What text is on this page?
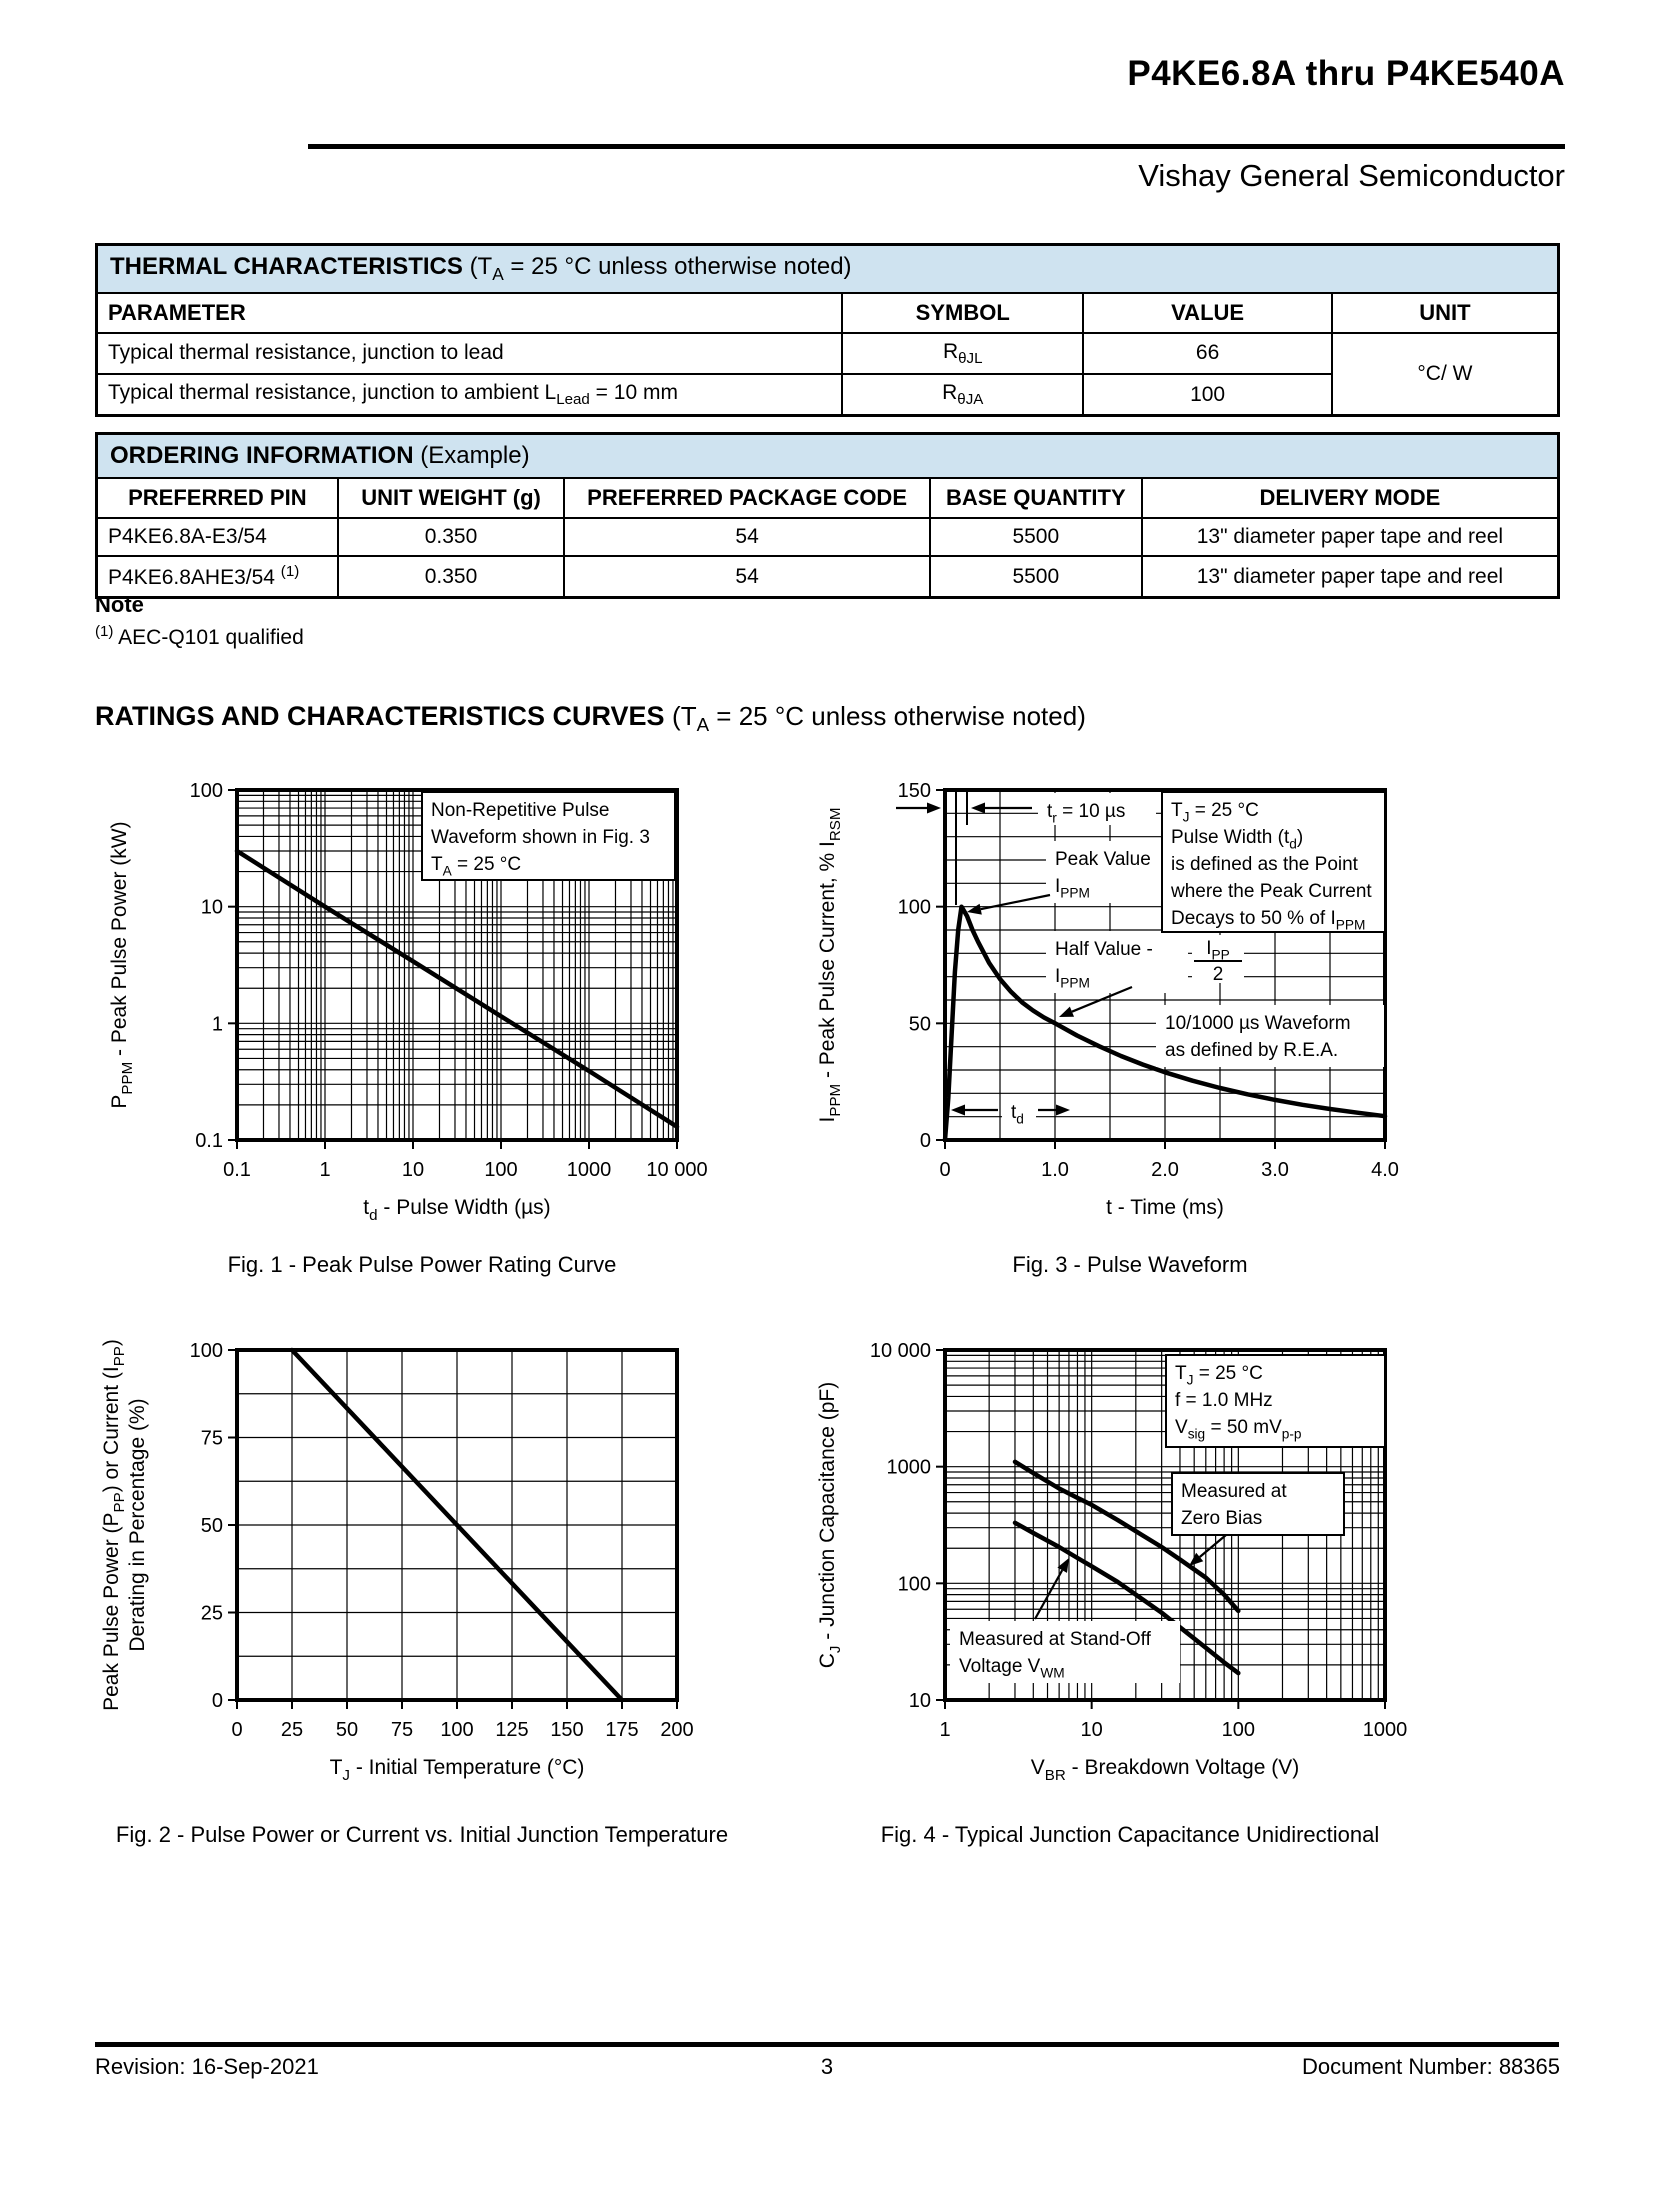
P4KE6.8A thru P4KE540A
Vishay General Semiconductor
THERMAL CHARACTERISTICS ($T_A = 25$ °C unless otherwise noted)			
PARAMETER	SYMBOL	VALUE	UNIT
Typical thermal resistance, junction to lead	$R_{\theta JL}$	66	°C/ W
Typical thermal resistance, junction to ambient $L_{Lead} = 10$ mm	$R_{\theta JA}$	100	
ORDERING INFORMATION (Example)				
PREFERRED PIN	UNIT WEIGHT (g)	PREFERRED PACKAGE CODE	BASE QUANTITY	DELIVERY MODE
P4KE6.8A-E3/54	0.350	54	5500	13" diameter paper tape and reel
P4KE6.8AHE3/54 $^{(1)}$	0.350	54	5500	13" diameter paper tape and reel
Note
$^{(1)}$ AEC-Q101 qualified
RATINGS AND CHARACTERISTICS CURVES ($T_A = 25$ °C unless otherwise noted)
0.1	1	10	100 1000 10 000
0.1
1
10
100
$t_d$ - Pulse Width (µs)
$P_{PPM}$ - Peak Pulse Power (kW)
Non-Repetitive Pulse
Waveform shown in Fig. 3
$T_A = 25$ °C
0	1.0	2.0	3.0	4.0
0
50
100
150
t - Time (ms)
$I_{PPM}$ - Peak Pulse Current, % $I_{RSM}$	$t_r = 10$ µs
Peak Value
$I_{PPM}$
Half Value -
$I_{PPM}$
$I_{PP}$
2
$T_J = 25$ °C
Pulse Width $(t_d)$
is defined as the Point
where the Peak Current
Decays to 50 % of $I_{PPM}$
10/1000 µs Waveform
as defined by R.E.A.
$t_d$
0 25 50 75 100 125 150 175 200
0
25
50
75
100
$T_J$ - Initial Temperature (°C)
Peak Pulse Power $(P_{PP})$ or Current $(I_{PP})$
Derating in Percentage (%)
1	10	100	1000
10
100
1000
10 000
$V_{BR}$ - Breakdown Voltage (V)
$C_J$ - Junction Capacitance (pF)
$T_J = 25$ °C
f = 1.0 MHz
$V_{sig} = 50$ $mV_{p-p}$
Measured at
Zero Bias
Measured at Stand-Off
Voltage $V_{WM}$
Fig. 1 - Peak Pulse Power Rating Curve	Fig. 3 - Pulse Waveform
Fig. 2 - Pulse Power or Current vs. Initial Junction Temperature	Fig. 4 - Typical Junction Capacitance Unidirectional
Revision: 16-Sep-2021	3	Document Number: 88365
